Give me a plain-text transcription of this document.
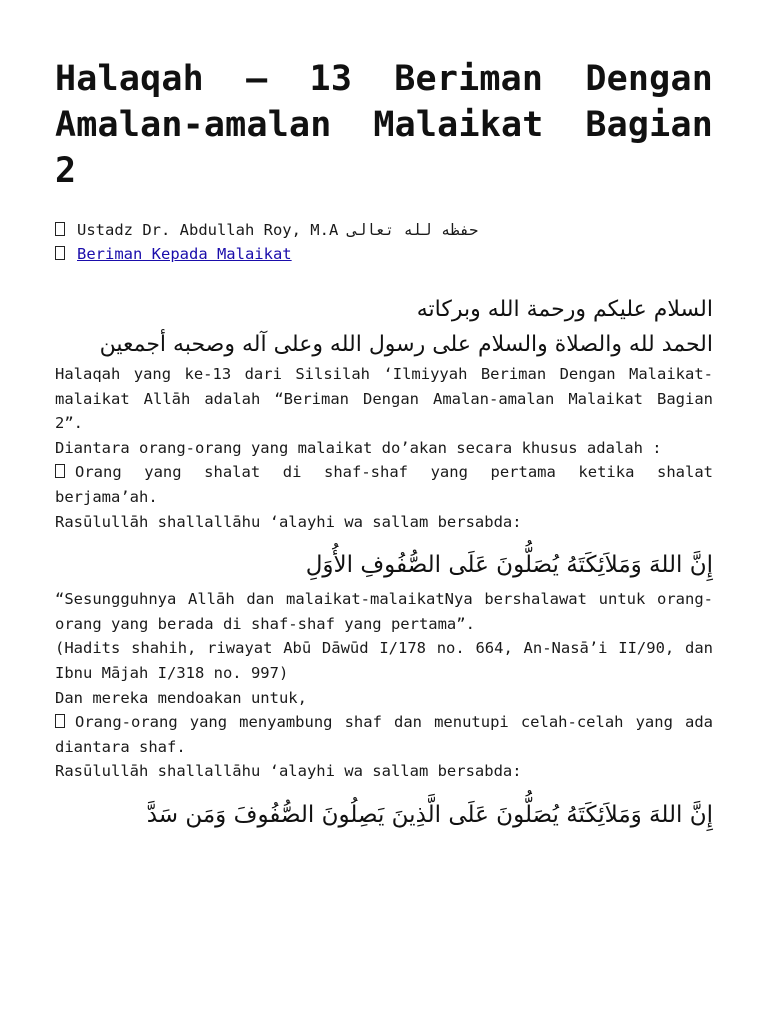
Halaqah – 13 Beriman Dengan Amalan-amalan Malaikat Bagian 2
Ustadz Dr. Abdullah Roy, M.A حفظه لله تعالى
Beriman Kepada Malaikat
السلام عليكم ورحمة الله وبركاته
الحمد لله والصلاة والسلام على رسول الله وعلى آله وصحبه أجمعين

Halaqah yang ke-13 dari Silsilah ‘Ilmiyyah Beriman Dengan Malaikat-malaikat Allāh adalah “Beriman Dengan Amalan-amalan Malaikat Bagian 2”.

Diantara orang-orang yang malaikat do’akan secara khusus adalah :

Orang yang shalat di shaf-shaf yang pertama ketika shalat berjama’ah.

Rasūlullāh shallallāhu ‘alayhi wa sallam bersabda:

إِنَّ اللهَ وَمَلاَئِكَتَهُ يُصَلُّونَ عَلَى الصُّفُوفِ الأُوَلِ

“Sesungguhnya Allāh dan malaikat-malaikatNya bershalawat untuk orang-orang yang berada di shaf-shaf yang pertama”.

(Hadits shahih, riwayat Abū Dāwūd I/178 no. 664, An-Nasā’i II/90, dan Ibnu Mājah I/318 no. 997)

Dan mereka mendoakan untuk,

Orang-orang yang menyambung shaf dan menutupi celah-celah yang ada diantara shaf.

Rasūlullāh shallallāhu ‘alayhi wa sallam bersabda:

إِنَّ اللهَ وَمَلاَئِكَتَهُ يُصَلُّونَ عَلَى الَّذِينَ يَصِلُونَ الصُّفُوفَ وَمَن سَدَّ
